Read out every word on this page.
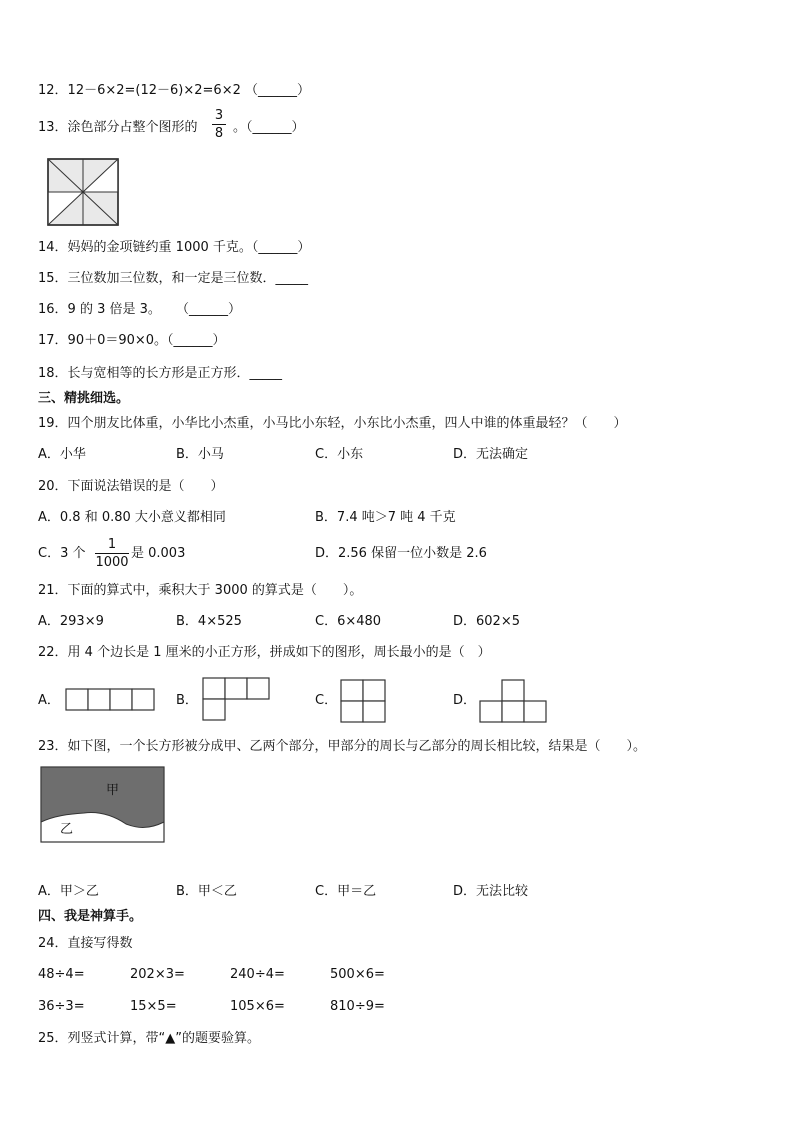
12．12－6×2=(12－6)×2=6×2 （______）
13．涂色部分占整个图形的
3
8 。（______）
14．妈妈的金项链约重 1000 千克。（______）
15．三位数加三位数，和一定是三位数．_____
16．9 的 3 倍是 3。 （______）
17．90＋0＝90×0。（______）
18．长与宽相等的长方形是正方形．_____
三、精挑细选。
19．四个朋友比体重，小华比小杰重，小马比小东轻，小东比小杰重，四人中谁的体重最轻？（　　）
A．小华	B．小马	C．小东	D．无法确定
20．下面说法错误的是（　　）
A．0.8 和 0.80 大小意义都相同	B．7.4 吨＞7 吨 4 千克
C．3 个
1
1000
是 0.003	D．2.56 保留一位小数是 2.6
21．下面的算式中，乘积大于 3000 的算式是（　　）。
A．293×9	B．4×525	C．6×480	D．602×5
22．用 4 个边长是 1 厘米的小正方形，拼成如下的图形，周长最小的是（　）
A．	B．	C．	D．
23．如下图，一个长方形被分成甲、乙两个部分，甲部分的周长与乙部分的周长相比较，结果是（　　）。
甲
乙
A．甲＞乙	B．甲＜乙	C．甲＝乙	D．无法比较
四、我是神算手。
24．直接写得数
48÷4=	202×3=	240÷4=	500×6=
36÷3=	15×5=	105×6=	810÷9=
25．列竖式计算，带“▲”的题要验算。
